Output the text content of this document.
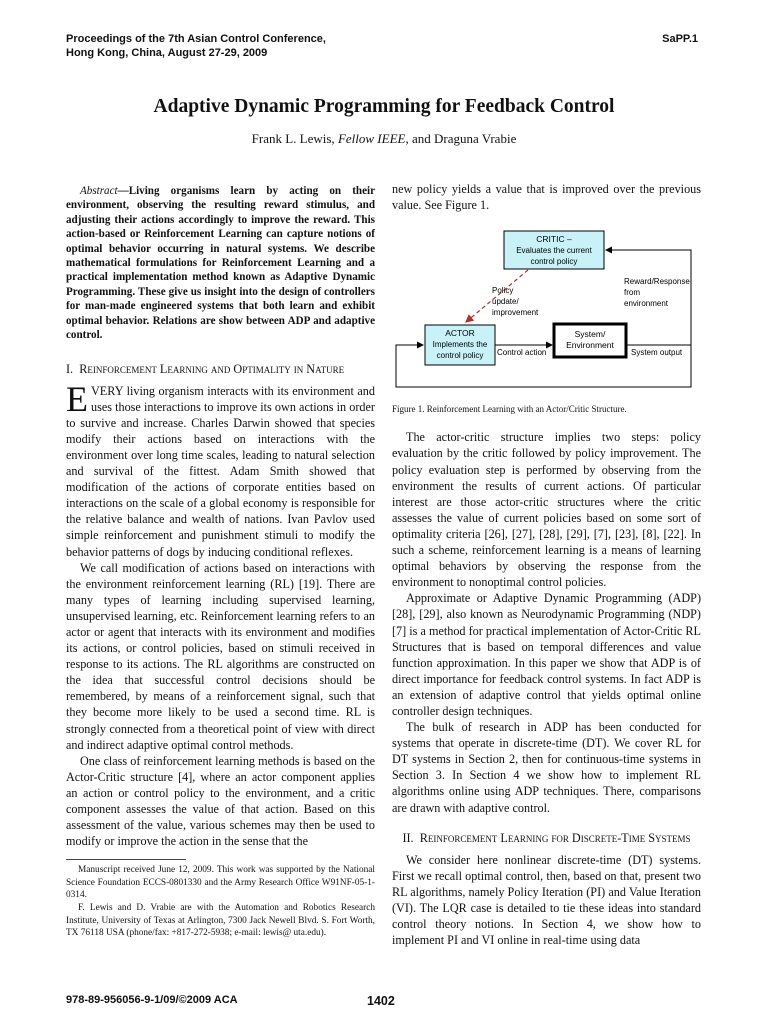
Proceedings of the 7th Asian Control Conference,
Hong Kong, China, August 27-29, 2009
SaPP.1
Adaptive Dynamic Programming for Feedback Control
Frank L. Lewis, Fellow IEEE, and Draguna Vrabie

Abstract—Living organisms learn by acting on their environment, observing the resulting reward stimulus, and adjusting their actions accordingly to improve the reward. This action-based or Reinforcement Learning can capture notions of optimal behavior occurring in natural systems. We describe mathematical formulations for Reinforcement Learning and a practical implementation method known as Adaptive Dynamic Programming. These give us insight into the design of controllers for man-made engineered systems that both learn and exhibit optimal behavior. Relations are show between ADP and adaptive control.

I. Reinforcement Learning and Optimality in Nature

EVERY living organism interacts with its environment and uses those interactions to improve its own actions in order to survive and increase. Charles Darwin showed that species modify their actions based on interactions with the environment over long time scales, leading to natural selection and survival of the fittest. Adam Smith showed that modification of the actions of corporate entities based on interactions on the scale of a global economy is responsible for the relative balance and wealth of nations. Ivan Pavlov used simple reinforcement and punishment stimuli to modify the behavior patterns of dogs by inducing conditional reflexes.

We call modification of actions based on interactions with the environment reinforcement learning (RL) [19]. There are many types of learning including supervised learning, unsupervised learning, etc. Reinforcement learning refers to an actor or agent that interacts with its environment and modifies its actions, or control policies, based on stimuli received in response to its actions. The RL algorithms are constructed on the idea that successful control decisions should be remembered, by means of a reinforcement signal, such that they become more likely to be used a second time. RL is strongly connected from a theoretical point of view with direct and indirect adaptive optimal control methods.

One class of reinforcement learning methods is based on the Actor-Critic structure [4], where an actor component applies an action or control policy to the environment, and a critic component assesses the value of that action. Based on this assessment of the value, various schemes may then be used to modify or improve the action in the sense that the

Manuscript received June 12, 2009. This work was supported by the National Science Foundation ECCS-0801330 and the Army Research Office W91NF-05-1-0314.

F. Lewis and D. Vrabie are with the Automation and Robotics Research Institute, University of Texas at Arlington, 7300 Jack Newell Blvd. S. Fort Worth, TX 76118 USA (phone/fax: +817-272-5938; e-mail: lewis@ uta.edu).

new policy yields a value that is improved over the previous value. See Figure 1.

CRITIC –
Evaluates the current
control policy
ACTOR
Implements the
control policy
System/
Environment
Control action	System output
Reward/Response
from
environment
Policy
update/
improvement

Figure 1. Reinforcement Learning with an Actor/Critic Structure.

The actor-critic structure implies two steps: policy evaluation by the critic followed by policy improvement. The policy evaluation step is performed by observing from the environment the results of current actions. Of particular interest are those actor-critic structures where the critic assesses the value of current policies based on some sort of optimality criteria [26], [27], [28], [29], [7], [23], [8], [22]. In such a scheme, reinforcement learning is a means of learning optimal behaviors by observing the response from the environment to nonoptimal control policies.

Approximate or Adaptive Dynamic Programming (ADP) [28], [29], also known as Neurodynamic Programming (NDP) [7] is a method for practical implementation of Actor-Critic RL Structures that is based on temporal differences and value function approximation. In this paper we show that ADP is of direct importance for feedback control systems. In fact ADP is an extension of adaptive control that yields optimal online controller design techniques.

The bulk of research in ADP has been conducted for systems that operate in discrete-time (DT). We cover RL for DT systems in Section 2, then for continuous-time systems in Section 3. In Section 4 we show how to implement RL algorithms online using ADP techniques. There, comparisons are drawn with adaptive control.

II. Reinforcement Learning for Discrete-Time Systems

We consider here nonlinear discrete-time (DT) systems. First we recall optimal control, then, based on that, present two RL algorithms, namely Policy Iteration (PI) and Value Iteration (VI). The LQR case is detailed to tie these ideas into standard control theory notions. In Section 4, we show how to implement PI and VI online in real-time using data

978-89-956056-9-1/09/©2009 ACA	1402
